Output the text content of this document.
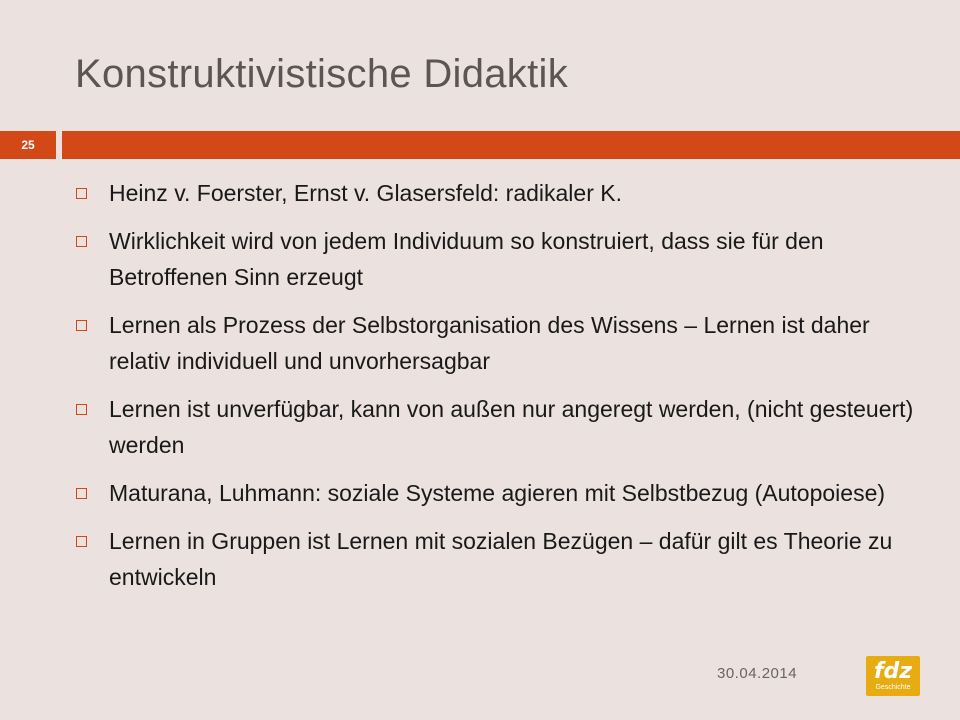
Konstruktivistische Didaktik
25
Heinz v. Foerster, Ernst v. Glasersfeld: radikaler K.
Wirklichkeit wird von jedem Individuum so konstruiert, dass sie für den Betroffenen Sinn erzeugt
Lernen als Prozess der Selbstorganisation des Wissens – Lernen ist daher relativ individuell und unvorhersagbar
Lernen ist unverfügbar, kann von außen nur angeregt werden, (nicht gesteuert) werden
Maturana, Luhmann: soziale Systeme agieren mit Selbstbezug (Autopoiese)
Lernen in Gruppen ist Lernen mit sozialen Bezügen – dafür gilt es Theorie zu entwickeln
30.04.2014	fdz
Geschichte
